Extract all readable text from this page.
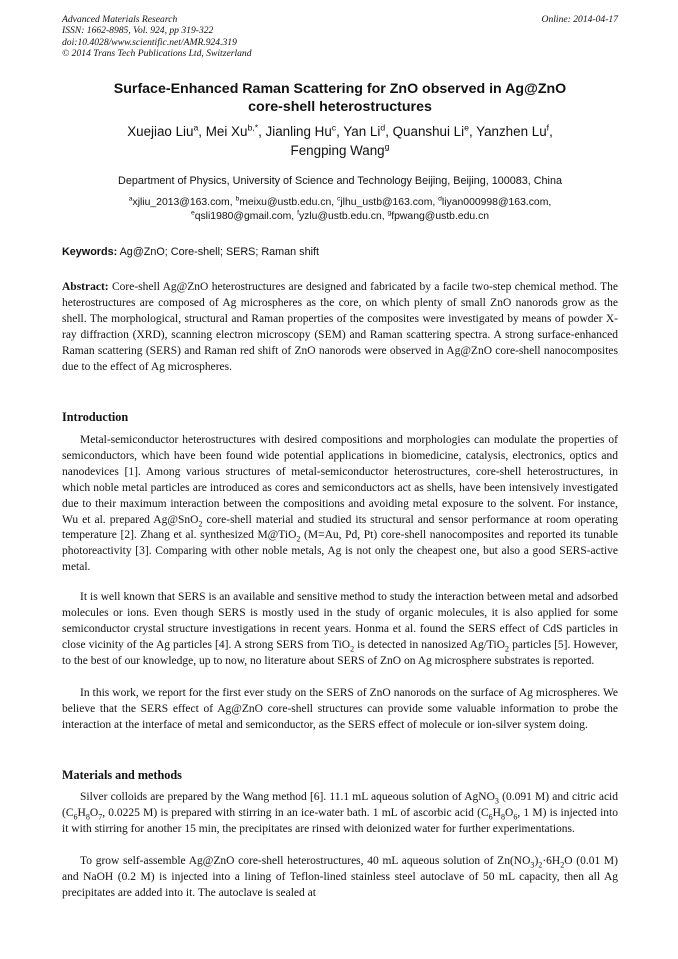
Advanced Materials Research
ISSN: 1662-8985, Vol. 924, pp 319-322
doi:10.4028/www.scientific.net/AMR.924.319
© 2014 Trans Tech Publications Ltd, Switzerland
Online: 2014-04-17
Surface-Enhanced Raman Scattering for ZnO observed in Ag@ZnO
core-shell heterostructures
Xuejiao Liu$^a$, Mei $Xu^{b,*}$, Jianling Hu$^c$, Yan Li$^d$, Quanshui Li$^e$, Yanzhen Lu$^f$,
Fengping Wang$^g$
Department of Physics, University of Science and Technology Beijing, Beijing, 100083, China
$^a$xjliu_2013@163.com, $^b$meixu@ustb.edu.cn, $^c$jlhu_ustb@163.com, $^d$liyan000998@163.com,
$^e$qsli1980@gmail.com, $^f$yzlu@ustb.edu.cn, $^g$fpwang@ustb.edu.cn
Keywords: Ag@ZnO; Core-shell; SERS; Raman shift
Abstract: Core-shell Ag@ZnO heterostructures are designed and fabricated by a facile two-step chemical method. The heterostructures are composed of Ag microspheres as the core, on which plenty of small ZnO nanorods grow as the shell. The morphological, structural and Raman properties of the composites were investigated by means of powder X-ray diffraction (XRD), scanning electron microscopy (SEM) and Raman scattering spectra. A strong surface-enhanced Raman scattering (SERS) and Raman red shift of ZnO nanorods were observed in Ag@ZnO core-shell nanocomposites due to the effect of Ag microspheres.
Introduction
Metal-semiconductor heterostructures with desired compositions and morphologies can modulate the properties of semiconductors, which have been found wide potential applications in biomedicine, catalysis, electronics, optics and nanodevices [1]. Among various structures of metal-semiconductor heterostructures, core-shell heterostructures, in which noble metal particles are introduced as cores and semiconductors act as shells, have been intensively investigated due to their maximum interaction between the compositions and avoiding metal exposure to the solvent. For instance, Wu et al. prepared Ag@SnO$_2$ core-shell material and studied its structural and sensor performance at room operating temperature [2]. Zhang et al. synthesized M@TiO$_2$ (M=Au, Pd, Pt) core-shell nanocomposites and reported its tunable photoreactivity [3]. Comparing with other noble metals, Ag is not only the cheapest one, but also a good SERS-active metal.
It is well known that SERS is an available and sensitive method to study the interaction between metal and adsorbed molecules or ions. Even though SERS is mostly used in the study of organic molecules, it is also applied for some semiconductor crystal structure investigations in recent years. Honma et al. found the SERS effect of CdS particles in close vicinity of the Ag particles [4]. A strong SERS from TiO$_2$ is detected in nanosized Ag/TiO$_2$ particles [5]. However, to the best of our knowledge, up to now, no literature about SERS of ZnO on Ag microsphere substrates is reported.
In this work, we report for the first ever study on the SERS of ZnO nanorods on the surface of Ag microspheres. We believe that the SERS effect of Ag@ZnO core-shell structures can provide some valuable information to probe the interaction at the interface of metal and semiconductor, as the SERS effect of molecule or ion-silver system doing.
Materials and methods
Silver colloids are prepared by the Wang method [6]. 11.1 mL aqueous solution of AgNO$_3$ (0.091 M) and citric acid ($C_6H_8O_7$, 0.0225 M) is prepared with stirring in an ice-water bath. 1 mL of ascorbic acid ($C_6H_8O_6$, 1 M) is injected into it with stirring for another 15 min, the precipitates are rinsed with deionized water for further experimentations.
To grow self-assemble Ag@ZnO core-shell heterostructures, 40 mL aqueous solution of $Zn(NO_3)_2\cdot 6H_2O$ (0.01 M) and NaOH (0.2 M) is injected into a lining of Teflon-lined stainless steel autoclave of 50 mL capacity, then all Ag precipitates are added into it. The autoclave is sealed at
